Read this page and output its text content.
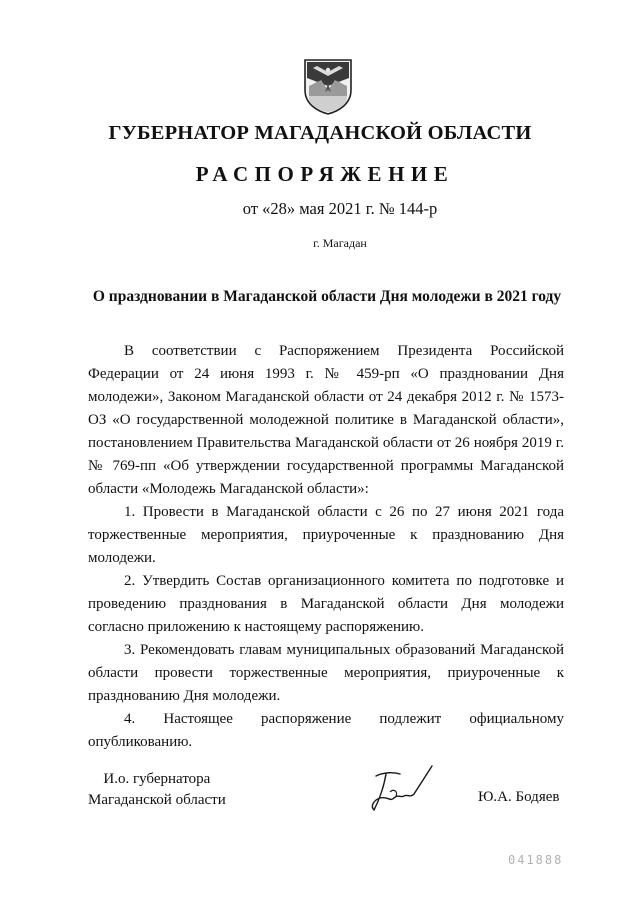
ГУБЕРНАТОР МАГАДАНСКОЙ ОБЛАСТИ
РАСПОРЯЖЕНИЕ
от «28» мая 2021 г. № 144-р
г. Магадан
О праздновании в Магаданской области Дня молодежи в 2021 году

В соответствии с Распоряжением Президента Российской Федерации от 24 июня 1993 г. № 459-рп «О праздновании Дня молодежи», Законом Магаданской области от 24 декабря 2012 г. № 1573-ОЗ «О государственной молодежной политике в Магаданской области», постановлением Правительства Магаданской области от 26 ноября 2019 г. № 769-пп «Об утверждении государственной программы Магаданской области «Молодежь Магаданской области»:

1. Провести в Магаданской области с 26 по 27 июня 2021 года торжественные мероприятия, приуроченные к празднованию Дня молодежи.

2. Утвердить Состав организационного комитета по подготовке и проведению празднования в Магаданской области Дня молодежи согласно приложению к настоящему распоряжению.

3. Рекомендовать главам муниципальных образований Магаданской области провести торжественные мероприятия, приуроченные к празднованию Дня молодежи.

4. Настоящее распоряжение подлежит официальному опубликованию.

И.о. губернатора
Магаданской области	Ю.А. Бодяев
041888
